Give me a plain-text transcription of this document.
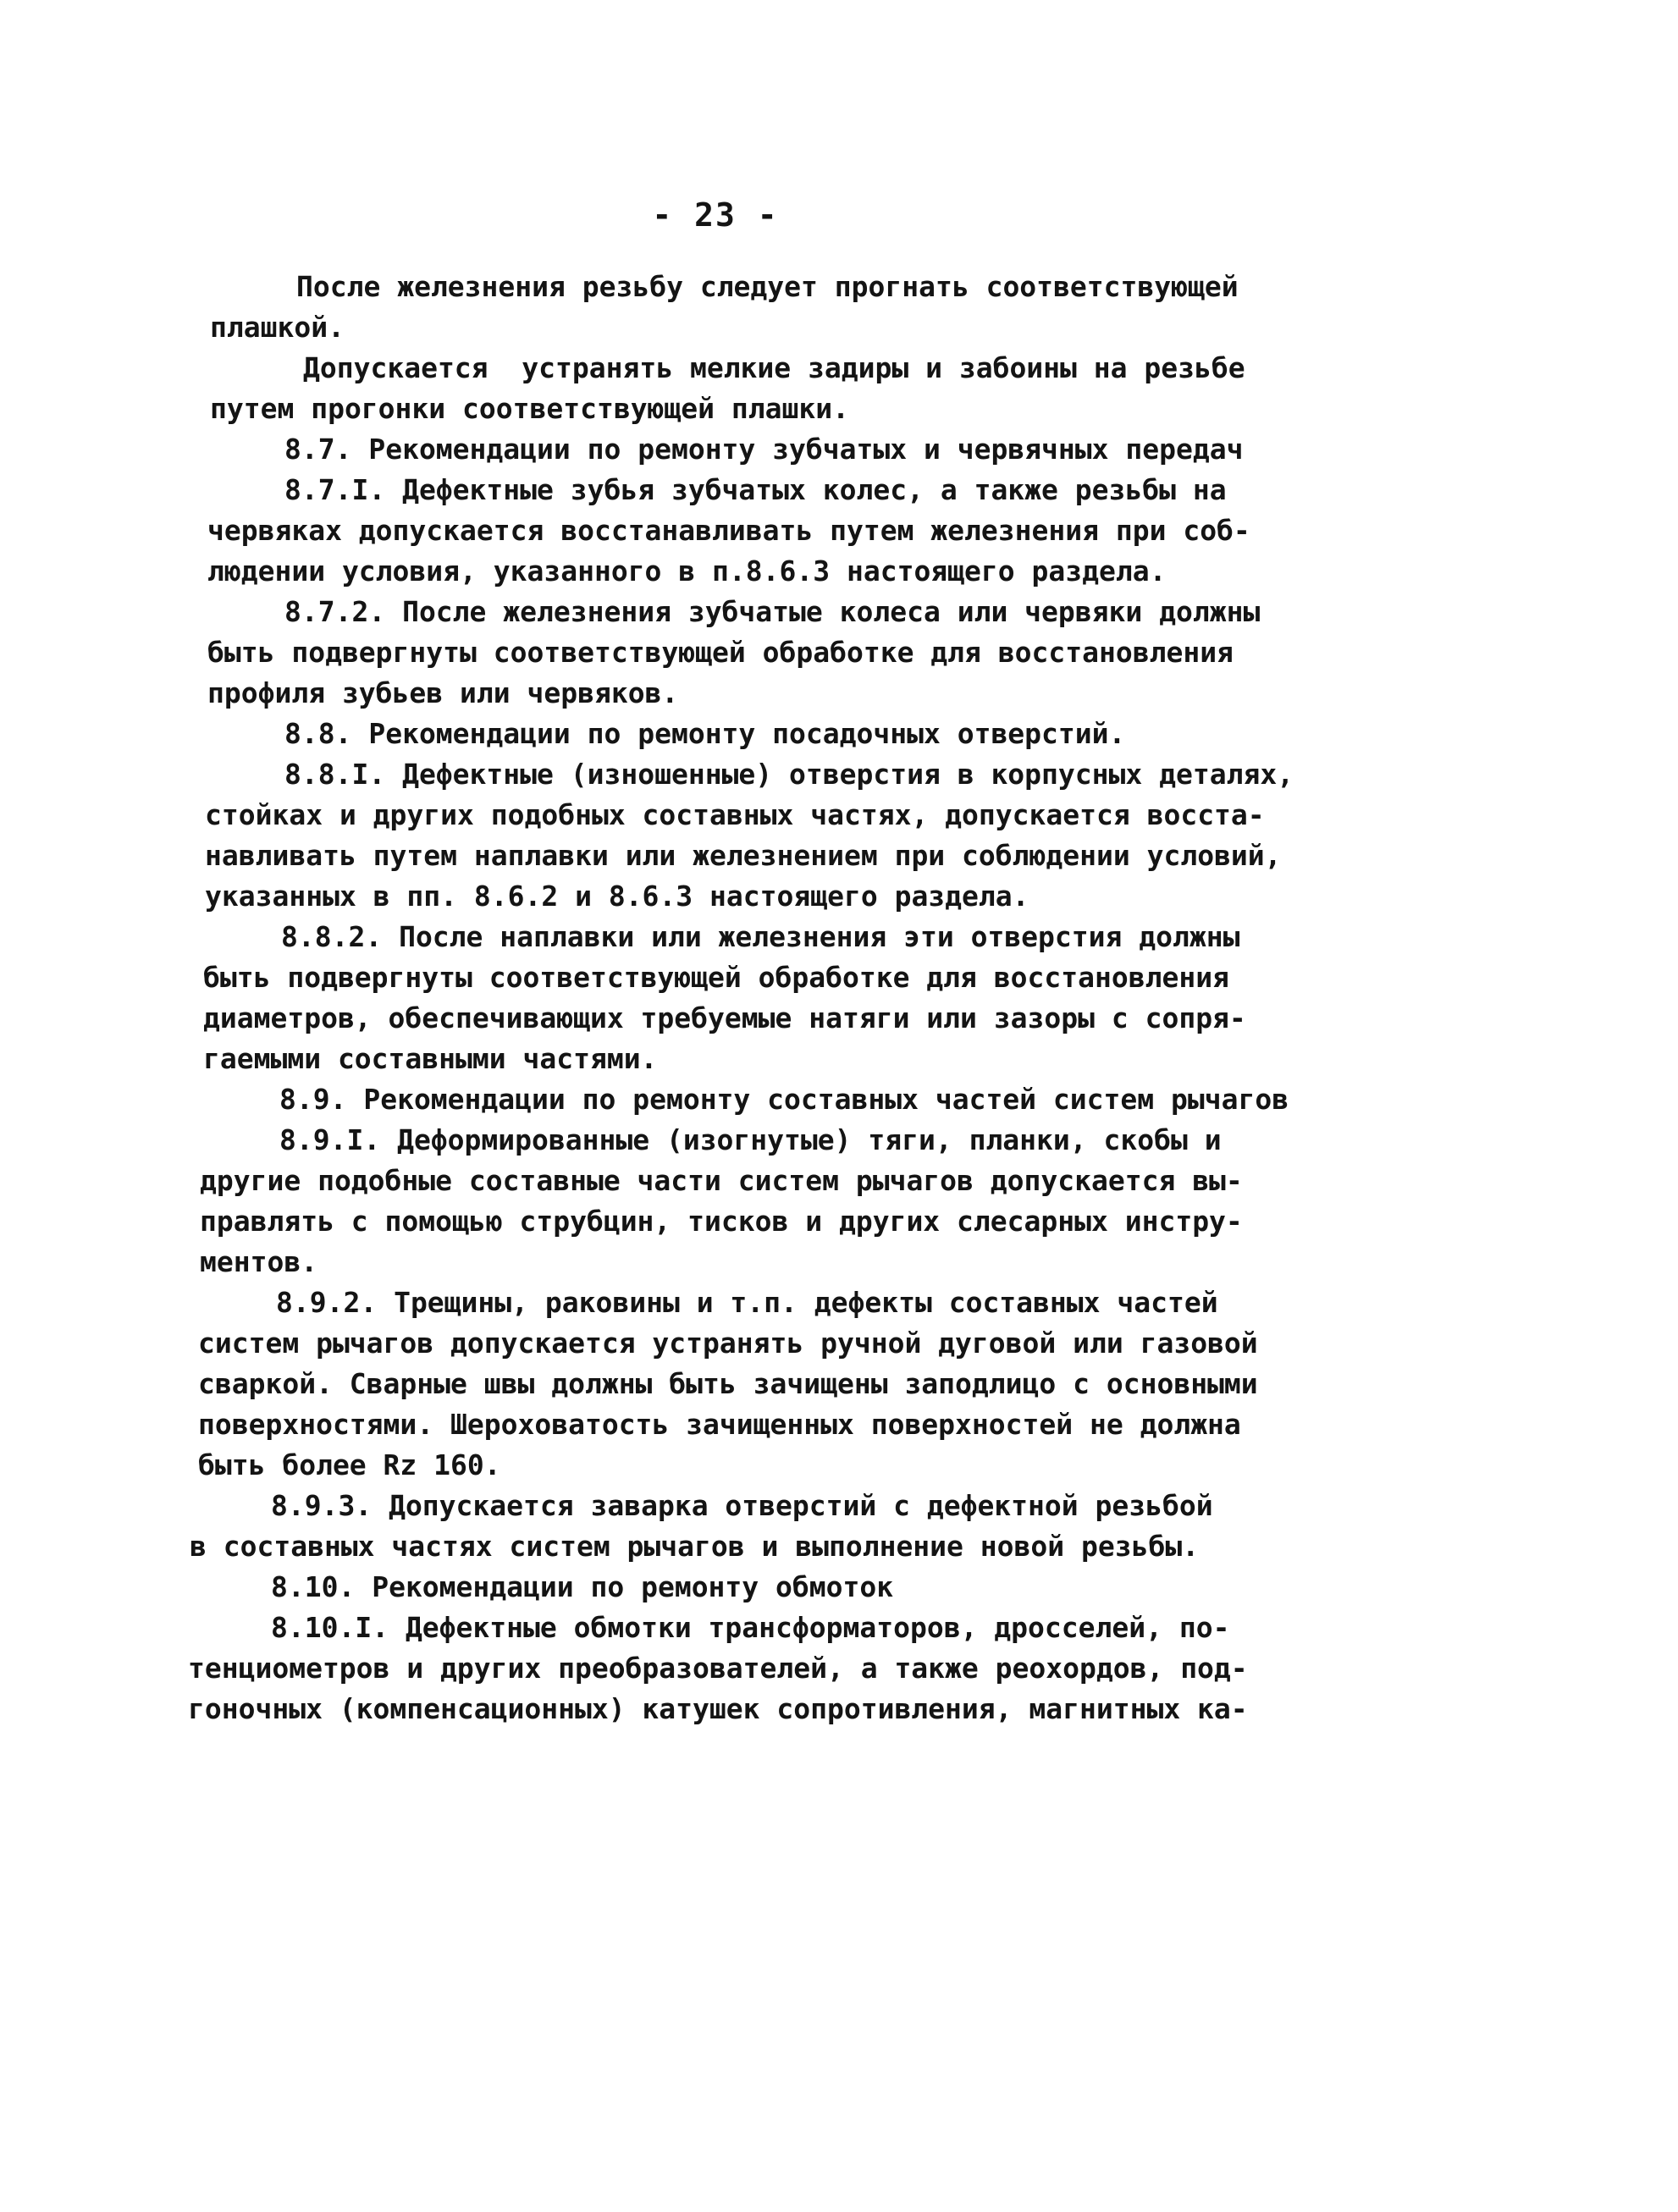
- 23 -
После железнения резьбу следует прогнать соответствующей
плашкой.
Допускается  устранять мелкие задиры и забоины на резьбе
путем прогонки соответствующей плашки.
8.7. Рекомендации по ремонту зубчатых и червячных передач
8.7.I. Дефектные зубья зубчатых колес, а также резьбы на
червяках допускается восстанавливать путем железнения при соб-
людении условия, указанного в п.8.6.3 настоящего раздела.
8.7.2. После железнения зубчатые колеса или червяки должны
быть подвергнуты соответствующей обработке для восстановления
профиля зубьев или червяков.
8.8. Рекомендации по ремонту посадочных отверстий.
8.8.I. Дефектные (изношенные) отверстия в корпусных деталях,
стойках и других подобных составных частях, допускается восста-
навливать путем наплавки или железнением при соблюдении условий,
указанных в пп. 8.6.2 и 8.6.3 настоящего раздела.
8.8.2. После наплавки или железнения эти отверстия должны
быть подвергнуты соответствующей обработке для восстановления
диаметров, обеспечивающих требуемые натяги или зазоры с сопря-
гаемыми составными частями.
8.9. Рекомендации по ремонту составных частей систем рычагов
8.9.I. Деформированные (изогнутые) тяги, планки, скобы и
другие подобные составные части систем рычагов допускается вы-
правлять с помощью струбцин, тисков и других слесарных инстру-
ментов.
8.9.2. Трещины, раковины и т.п. дефекты составных частей
систем рычагов допускается устранять ручной дуговой или газовой
сваркой. Сварные швы должны быть зачищены заподлицо с основными
поверхностями. Шероховатость зачищенных поверхностей не должна
быть более Rz 160.
8.9.3. Допускается заварка отверстий с дефектной резьбой
в составных частях систем рычагов и выполнение новой резьбы.
8.10. Рекомендации по ремонту обмоток
8.10.I. Дефектные обмотки трансформаторов, дросселей, по-
тенциометров и других преобразователей, а также реохордов, под-
гоночных (компенсационных) катушек сопротивления, магнитных ка-
